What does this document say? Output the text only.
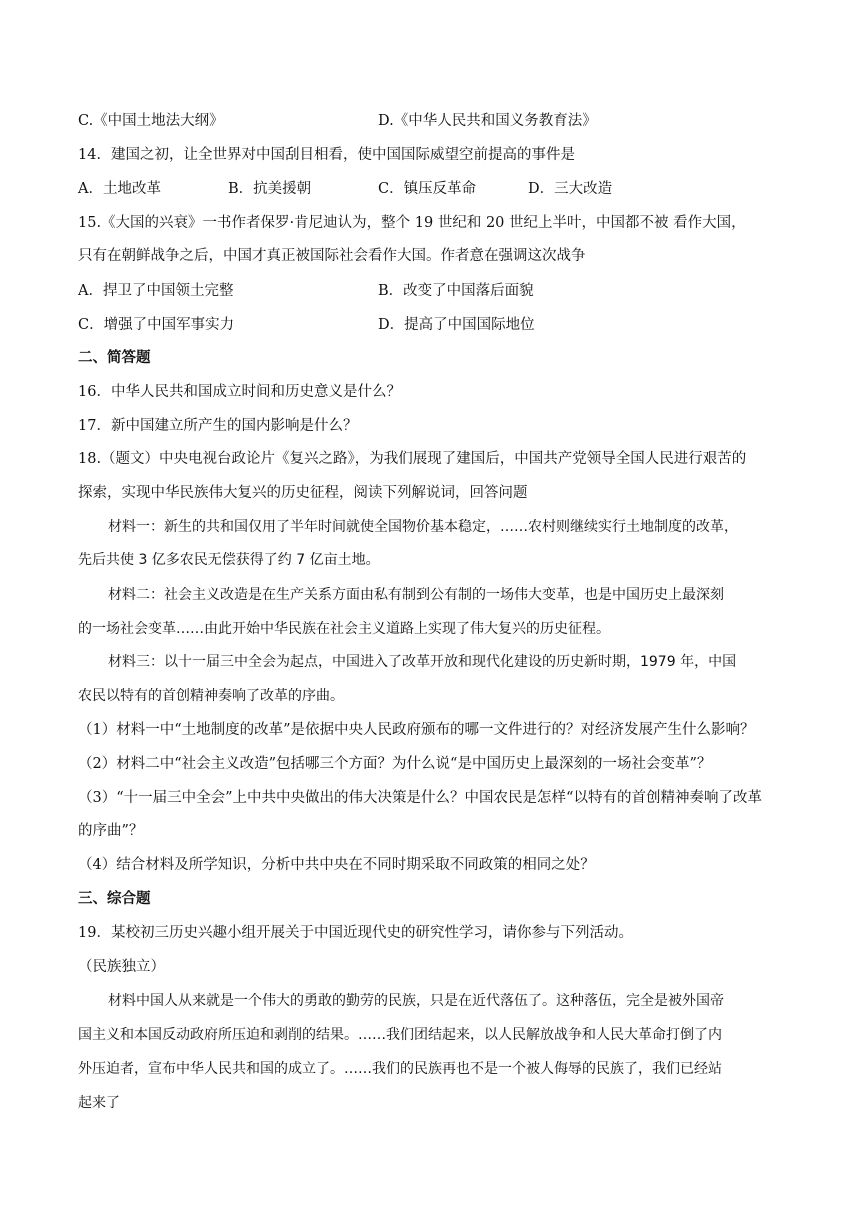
C.《中国土地法大纲》	D.《中华人民共和国义务教育法》
14．建国之初，让全世界对中国刮目相看，使中国国际威望空前提高的事件是
A．土地改革	B．抗美援朝	C．镇压反革命	D．三大改造
15.《大国的兴衰》一书作者保罗·肯尼迪认为，整个 19 世纪和 20 世纪上半叶，中国都不被 看作大国，
只有在朝鲜战争之后，中国才真正被国际社会看作大国。作者意在强调这次战争
A．捍卫了中国领土完整	B．改变了中国落后面貌
C．增强了中国军事实力	D．提高了中国国际地位
二、简答题
16．中华人民共和国成立时间和历史意义是什么？
17．新中国建立所产生的国内影响是什么？
18.（题文）中央电视台政论片《复兴之路》，为我们展现了建国后，中国共产党领导全国人民进行艰苦的
探索，实现中华民族伟大复兴的历史征程，阅读下列解说词，回答问题
材料一：新生的共和国仅用了半年时间就使全国物价基本稳定，……农村则继续实行土地制度的改革，
先后共使 3 亿多农民无偿获得了约 7 亿亩土地。
材料二：社会主义改造是在生产关系方面由私有制到公有制的一场伟大变革，也是中国历史上最深刻
的一场社会变革……由此开始中华民族在社会主义道路上实现了伟大复兴的历史征程。
材料三：以十一届三中全会为起点，中国进入了改革开放和现代化建设的历史新时期，1979 年，中国
农民以特有的首创精神奏响了改革的序曲。
（1）材料一中“土地制度的改革”是依据中央人民政府颁布的哪一文件进行的？对经济发展产生什么影响？
（2）材料二中“社会主义改造”包括哪三个方面？为什么说“是中国历史上最深刻的一场社会变革”？
（3）“十一届三中全会”上中共中央做出的伟大决策是什么？中国农民是怎样“以特有的首创精神奏响了改革
的序曲”？
（4）结合材料及所学知识，分析中共中央在不同时期采取不同政策的相同之处？
三、综合题
19．某校初三历史兴趣小组开展关于中国近现代史的研究性学习，请你参与下列活动。
（民族独立）
材料中国人从来就是一个伟大的勇敢的勤劳的民族，只是在近代落伍了。这种落伍，完全是被外国帝
国主义和本国反动政府所压迫和剥削的结果。……我们团结起来，以人民解放战争和人民大革命打倒了内
外压迫者，宣布中华人民共和国的成立了。……我们的民族再也不是一个被人侮辱的民族了，我们已经站
起来了
